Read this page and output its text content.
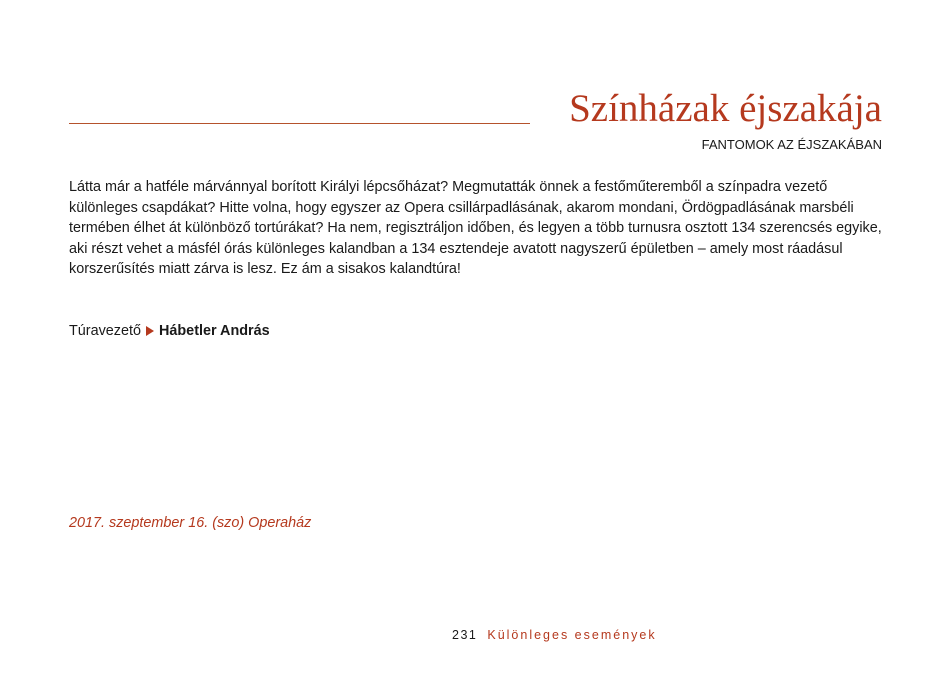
Színházak éjszakája
FANTOMOK AZ ÉJSZAKÁBAN

Látta már a hatféle márvánnyal borított Királyi lépcsőházat? Megmutatták önnek a festőműteremből a színpadra vezető különleges csapdákat? Hitte volna, hogy egyszer az Opera csillárpadlásának, akarom mondani, Ördögpadlásának marsbéli termében élhet át különböző tortúrákat? Ha nem, regisztráljon időben, és legyen a több turnusra osztott 134 szerencsés egyike, aki részt vehet a másfél órás különleges kalandban a 134 esztendeje avatott nagyszerű épületben – amely most ráadásul korszerűsítés miatt zárva is lesz. Ez ám a sisakos kalandtúra!

Túravezető Hábetler András
2017. szeptember 16. (szo) Operaház
231 Különleges események
